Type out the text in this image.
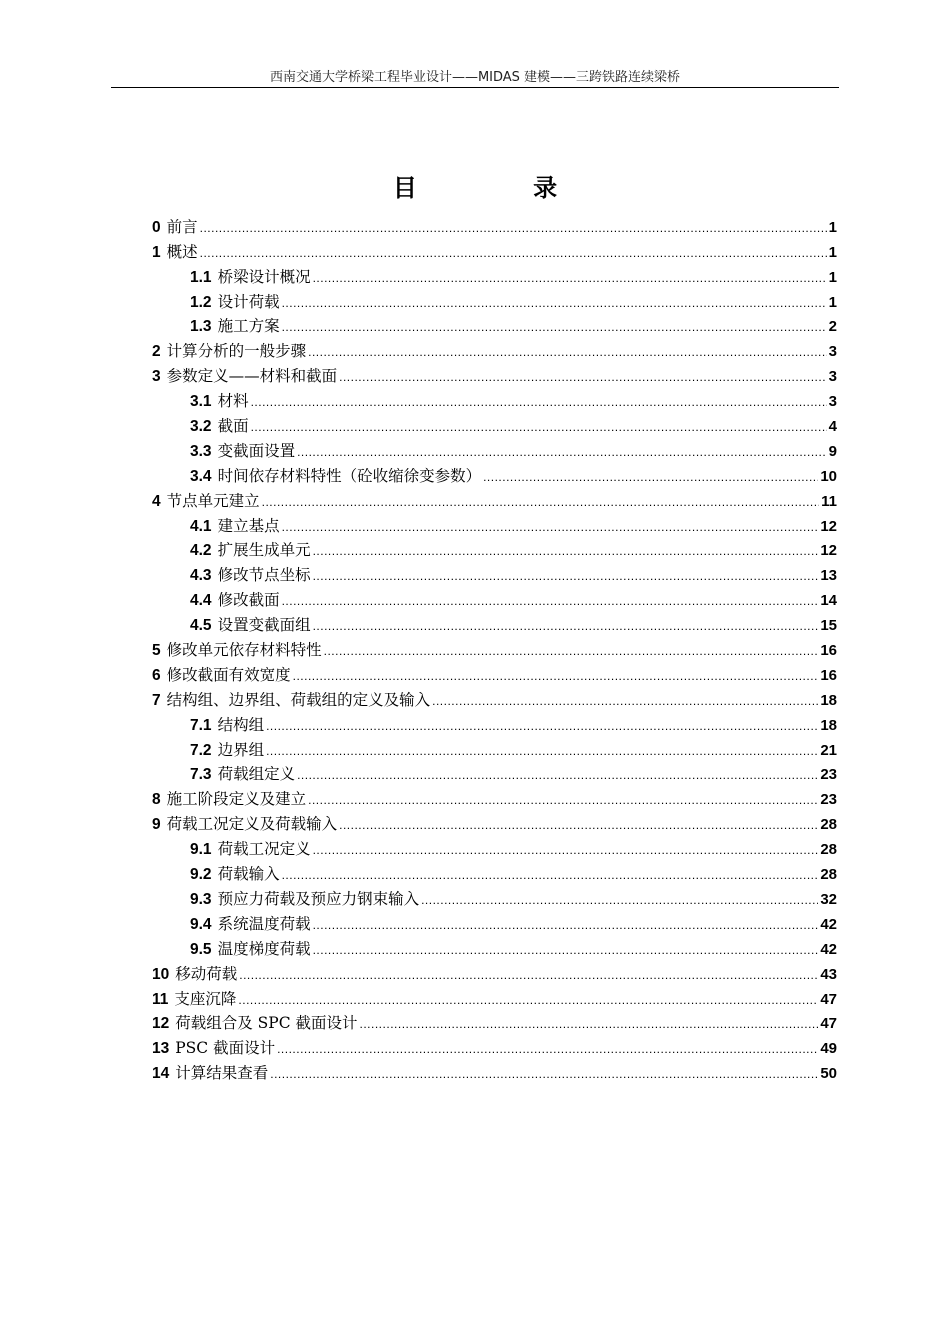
西南交通大学桥梁工程毕业设计——MIDAS 建模——三跨铁路连续梁桥
目 录
0 前言 .....	1
1 概述 .....	1
1.1 桥梁设计概况 .....	1
1.2 设计荷载 .....	1
1.3 施工方案 .....	2
2 计算分析的一般步骤 .....	3
3 参数定义——材料和截面 .....	3
3.1 材料 .....	3
3.2 截面 .....	4
3.3 变截面设置 .....	9
3.4 时间依存材料特性（砼收缩徐变参数） .....	10
4 节点单元建立 .....	11
4.1 建立基点 .....	12
4.2 扩展生成单元 .....	12
4.3 修改节点坐标 .....	13
4.4 修改截面 .....	14
4.5 设置变截面组 .....	15
5 修改单元依存材料特性 .....	16
6 修改截面有效宽度 .....	16
7 结构组、边界组、荷载组的定义及输入 .....	18
7.1 结构组 .....	18
7.2 边界组 .....	21
7.3 荷载组定义 .....	23
8 施工阶段定义及建立 .....	23
9 荷载工况定义及荷载输入 .....	28
9.1 荷载工况定义 .....	28
9.2 荷载输入 .....	28
9.3 预应力荷载及预应力钢束输入 .....	32
9.4 系统温度荷载 .....	42
9.5 温度梯度荷载 .....	42
10 移动荷载 .....	43
11 支座沉降 .....	47
12 荷载组合及 SPC 截面设计 .....	47
13 PSC 截面设计 .....	49
14 计算结果查看 .....	50
